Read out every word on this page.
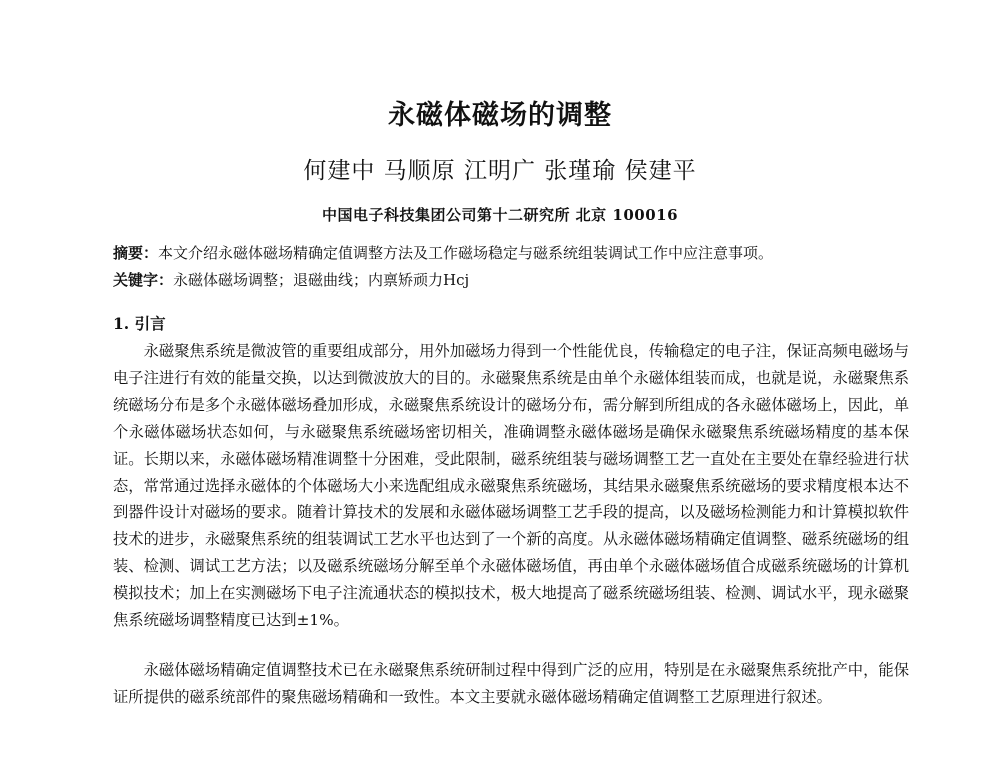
永磁体磁场的调整
何建中 马顺原 江明广 张瑾瑜 侯建平
中国电子科技集团公司第十二研究所 北京 100016
摘要：本文介绍永磁体磁场精确定值调整方法及工作磁场稳定与磁系统组装调试工作中应注意事项。
关键字：永磁体磁场调整；退磁曲线；内禀矫顽力Hcj
1. 引言

永磁聚焦系统是微波管的重要组成部分，用外加磁场力得到一个性能优良，传输稳定的电子注，保证高频电磁场与电子注进行有效的能量交换，以达到微波放大的目的。永磁聚焦系统是由单个永磁体组装而成，也就是说，永磁聚焦系统磁场分布是多个永磁体磁场叠加形成，永磁聚焦系统设计的磁场分布，需分解到所组成的各永磁体磁场上，因此，单个永磁体磁场状态如何，与永磁聚焦系统磁场密切相关，准确调整永磁体磁场是确保永磁聚焦系统磁场精度的基本保证。长期以来，永磁体磁场精准调整十分困难，受此限制，磁系统组装与磁场调整工艺一直处在主要处在靠经验进行状态，常常通过选择永磁体的个体磁场大小来选配组成永磁聚焦系统磁场，其结果永磁聚焦系统磁场的要求精度根本达不到器件设计对磁场的要求。随着计算技术的发展和永磁体磁场调整工艺手段的提高，以及磁场检测能力和计算模拟软件技术的进步，永磁聚焦系统的组装调试工艺水平也达到了一个新的高度。从永磁体磁场精确定值调整、磁系统磁场的组装、检测、调试工艺方法；以及磁系统磁场分解至单个永磁体磁场值，再由单个永磁体磁场值合成磁系统磁场的计算机模拟技术；加上在实测磁场下电子注流通状态的模拟技术，极大地提高了磁系统磁场组装、检测、调试水平，现永磁聚焦系统磁场调整精度已达到±1%。

永磁体磁场精确定值调整技术已在永磁聚焦系统研制过程中得到广泛的应用，特别是在永磁聚焦系统批产中，能保证所提供的磁系统部件的聚焦磁场精确和一致性。本文主要就永磁体磁场精确定值调整工艺原理进行叙述。
